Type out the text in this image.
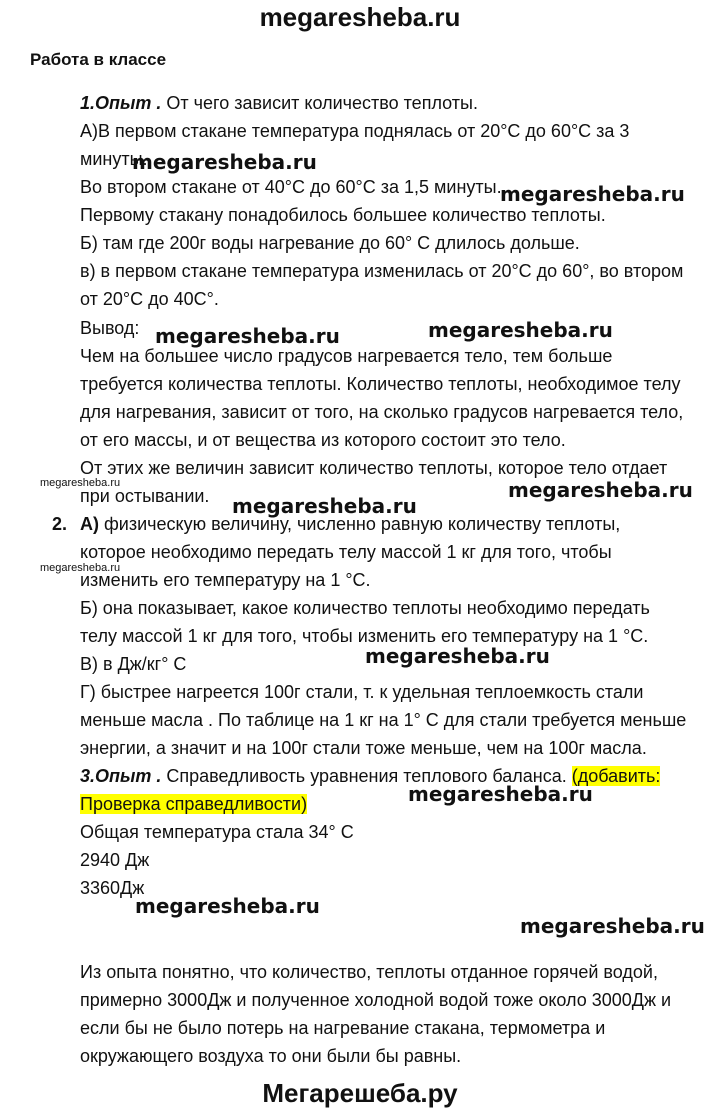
megaresheba.ru
Работа в классе
1.Опыт . От чего зависит количество теплоты.
А)В первом стакане температура поднялась от 20°С до 60°С за 3
минуты.
Во втором стакане от 40°С до 60°С за 1,5 минуты.
Первому стакану понадобилось большее количество теплоты.
Б) там где 200г воды нагревание до 60° С длилось дольше.
в) в первом стакане температура изменилась от 20°С до 60°, во втором
от 20°С до 40С°.
Вывод:
Чем на большее число градусов нагревается тело, тем больше
требуется количества теплоты. Количество теплоты, необходимое телу
для нагревания, зависит от того, на сколько градусов нагревается тело,
от его массы, и от вещества из которого состоит это тело.
От этих же величин зависит количество теплоты, которое тело отдает
при остывании.
2. А) физическую величину, численно равную количеству теплоты,
которое необходимо передать телу массой 1 кг для того, чтобы
изменить его температуру на 1 °С.
Б) она показывает, какое количество теплоты необходимо передать
телу массой 1 кг для того, чтобы изменить его температуру на 1 °С.
В) в Дж/кг° С
Г) быстрее нагреется 100г стали, т. к удельная теплоемкость стали
меньше масла . По таблице на 1 кг на 1° С для стали требуется меньше
энергии, а значит и на 100г стали тоже меньше, чем на 100г масла.
3.Опыт . Справедливость уравнения теплового баланса. (добавить:
Проверка справедливости)
Общая температура стала 34° С
2940 Дж
3360Дж
Из опыта понятно, что количество, теплоты отданное горячей водой,
примерно 3000Дж и полученное холодной водой тоже около 3000Дж и
если бы не было потерь на нагревание стакана, термометра и
окружающего воздуха то они были бы равны.
megaresheba.ru
megaresheba.ru
megaresheba.ru	megaresheba.ru
megaresheba.ru
megaresheba.ru
megaresheba.ru
megaresheba.ru
megaresheba.ru
megaresheba.ru
megaresheba.ru
megaresheba.ru
Мегарешеба.ру
